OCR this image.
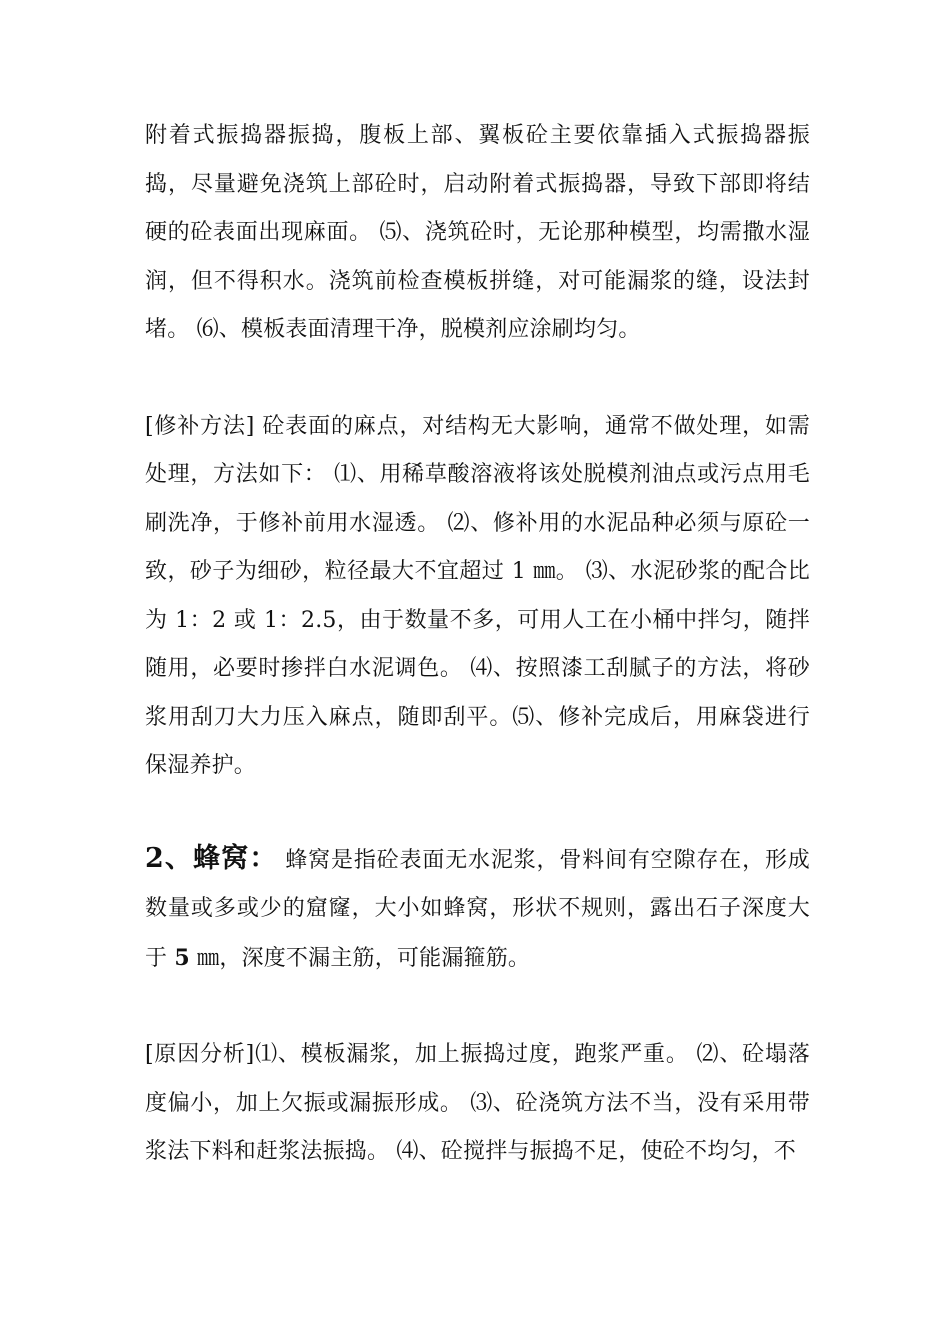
附着式振捣器振捣，腹板上部、翼板砼主要依靠插入式振捣器振捣，尽量避免浇筑上部砼时，启动附着式振捣器，导致下部即将结硬的砼表面出现麻面。 ⑸、浇筑砼时，无论那种模型，均需撒水湿润，但不得积水。浇筑前检查模板拼缝，对可能漏浆的缝，设法封堵。 ⑹、模板表面清理干净，脱模剂应涂刷均匀。

[修补方法] 砼表面的麻点，对结构无大影响，通常不做处理，如需处理，方法如下： ⑴、用稀草酸溶液将该处脱模剂油点或污点用毛刷洗净，于修补前用水湿透。 ⑵、修补用的水泥品种必须与原砼一致，砂子为细砂，粒径最大不宜超过 1 ㎜。 ⑶、水泥砂浆的配合比为 1：2 或 1：2.5，由于数量不多，可用人工在小桶中拌匀，随拌随用，必要时掺拌白水泥调色。 ⑷、按照漆工刮腻子的方法，将砂浆用刮刀大力压入麻点，随即刮平。⑸、修补完成后，用麻袋进行保湿养护。

2、蜂窝： 蜂窝是指砼表面无水泥浆，骨料间有空隙存在，形成数量或多或少的窟窿，大小如蜂窝，形状不规则，露出石子深度大于 5 ㎜，深度不漏主筋，可能漏箍筋。

[原因分析]⑴、模板漏浆，加上振捣过度，跑浆严重。 ⑵、砼塌落度偏小，加上欠振或漏振形成。 ⑶、砼浇筑方法不当，没有采用带浆法下料和赶浆法振捣。 ⑷、砼搅拌与振捣不足，使砼不均匀，不
